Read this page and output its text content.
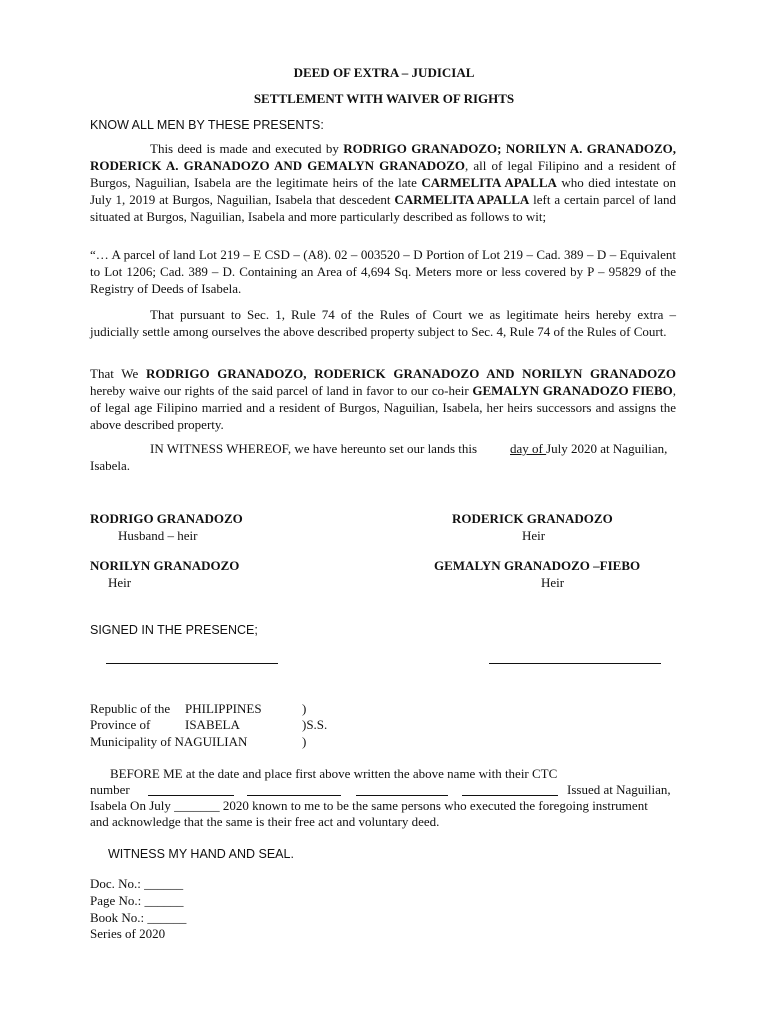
DEED OF EXTRA – JUDICIAL
SETTLEMENT WITH WAIVER OF RIGHTS
KNOW ALL MEN BY THESE PRESENTS:
This deed is made and executed by RODRIGO GRANADOZO; NORILYN A. GRANADOZO, RODERICK A. GRANADOZO AND GEMALYN GRANADOZO, all of legal Filipino and a resident of Burgos, Naguilian, Isabela are the legitimate heirs of the late CARMELITA APALLA who died intestate on July 1, 2019 at Burgos, Naguilian, Isabela that descedent CARMELITA APALLA left a certain parcel of land situated at Burgos, Naguilian, Isabela and more particularly described as follows to wit;
“… A parcel of land Lot 219 – E CSD – (A8). 02 – 003520 – D Portion of Lot 219 – Cad. 389 – D – Equivalent to Lot 1206; Cad. 389 – D. Containing an Area of 4,694 Sq. Meters more or less covered by P – 95829 of the Registry of Deeds of Isabela.
That pursuant to Sec. 1, Rule 74 of the Rules of Court we as legitimate heirs hereby extra – judicially settle among ourselves the above described property subject to Sec. 4, Rule 74 of the Rules of Court.
That We RODRIGO GRANADOZO, RODERICK GRANADOZO AND NORILYN GRANADOZO hereby waive our rights of the said parcel of land in favor to our co-heir GEMALYN GRANADOZO FIEBO, of legal age Filipino married and a resident of Burgos, Naguilian, Isabela, her heirs successors and assigns the above described property.
IN WITNESS WHEREOF, we have hereunto set our lands this	day of July 2020 at Naguilian,
Isabela.
RODRIGO GRANADOZO
Husband – heir
RODERICK GRANADOZO
Heir
NORILYN GRANADOZO
Heir
GEMALYN GRANADOZO –FIEBO
Heir
SIGNED IN THE PRESENCE;
Republic of the PHILIPPINES	)
Province of	ISABELA	)S.S.
Municipality of NAGUILIAN	)
BEFORE ME at the date and place first above written the above name with their CTC
number	Issued at Naguilian,
Isabela On July _______ 2020 known to me to be the same persons who executed the foregoing instrument
and acknowledge that the same is their free act and voluntary deed.
WITNESS MY HAND AND SEAL.
Doc. No.: ______
Page No.: ______
Book No.: ______
Series of 2020
